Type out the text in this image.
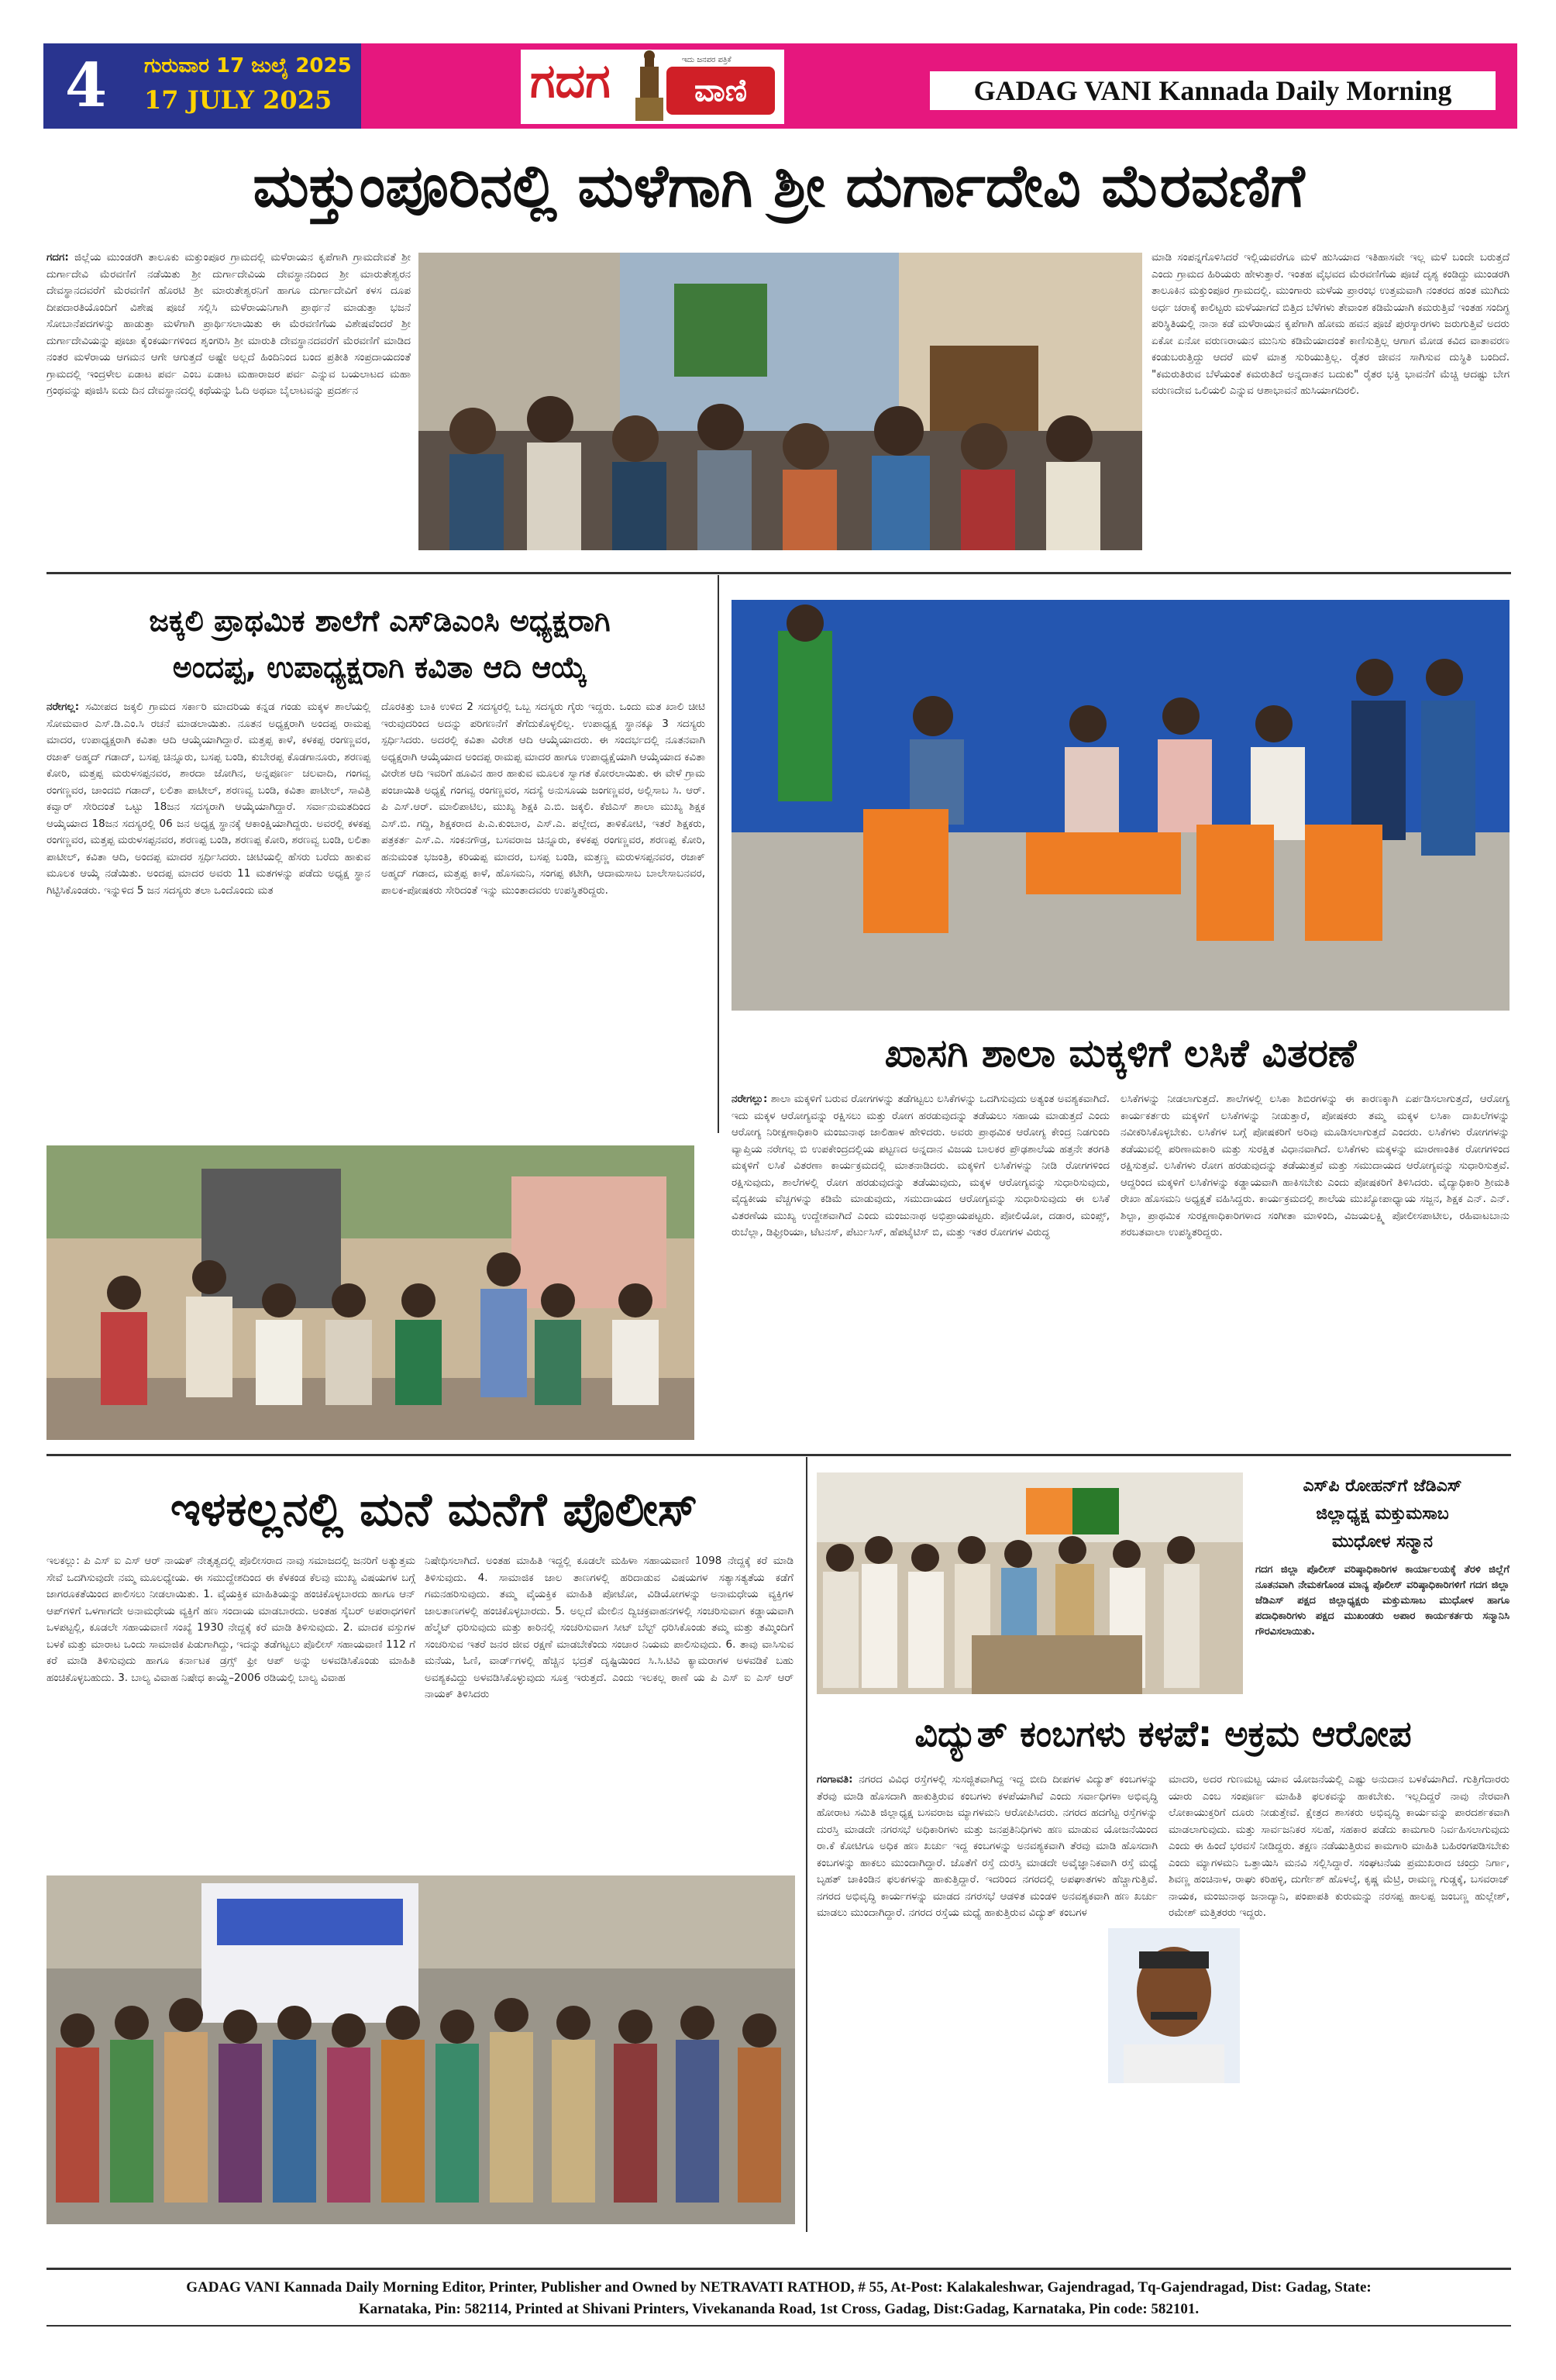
4	ಗುರುವಾರ 17 ಜುಲೈ 2025
17 JULY 2025	ಗದಗ	ವಾಣಿ
ಇದು ಜನಪರ ಪತ್ರಿಕೆ
GADAG VANI Kannada Daily Morning
ಮಕ್ತುಂಪೂರಿನಲ್ಲಿ ಮಳೆಗಾಗಿ ಶ್ರೀ ದುರ್ಗಾದೇವಿ ಮೆರವಣಿಗೆ
ಗದಗ: ಜಿಲ್ಲೆಯ ಮುಂಡರಗಿ ತಾಲೂಕು ಮಕ್ತುಂಪೂರ ಗ್ರಾಮದಲ್ಲಿ ಮಳೆರಾಯನ ಕೃಪೆಗಾಗಿ ಗ್ರಾಮದೇವತೆ ಶ್ರೀ ದುರ್ಗಾದೇವಿ ಮೆರವಣಿಗೆ ನಡೆಯಿತು ಶ್ರೀ ದುರ್ಗಾದೇವಿಯ ದೇವಸ್ಥಾನದಿಂದ ಶ್ರೀ ಮಾರುತೇಶ್ವರನ ದೇವಸ್ಥಾನದವರೆಗೆ ಮೆರವಣಿಗೆ ಹೊರಟಿ ಶ್ರೀ ಮಾರುತೇಶ್ವರನಿಗೆ ಹಾಗೂ ದುರ್ಗಾದೇವಿಗೆ ಕಳಸ ದೂಪ ದೀಪದಾರತಿಯೊಂದಿಗೆ ವಿಶೇಷ ಪೂಜೆ ಸಲ್ಲಿಸಿ ಮಳೆರಾಯನಿಗಾಗಿ ಪ್ರಾರ್ಥನೆ ಮಾಡುತ್ತಾ ಭಜನೆ ಸೋಬಾನೆಪದಗಳನ್ನು ಹಾಡುತ್ತಾ ಮಳೆಗಾಗಿ ಪ್ರಾರ್ಥಿಸಲಾಯಿತು ಈ ಮೆರವಣಿಗೆಯ ವಿಶೇಷವೆಂದರೆ ಶ್ರೀ ದುರ್ಗಾದೇವಿಯನ್ನು ಪೂಜಾ ಕೈಂಕರ್ಯಗಳಿಂದ ಶೃಂಗರಿಸಿ ಶ್ರೀ ಮಾರುತಿ ದೇವಸ್ಥಾನದವರೆಗೆ ಮೆರವಣಿಗೆ ಮಾಡಿದ ನಂತರ ಮಳೆರಾಯ ಆಗಮನ ಆಗೇ ಆಗುತ್ತದೆ ಅಷ್ಟೇ ಅಲ್ಲದೆ ಹಿಂದಿನಿಂದ ಬಂದ ಪ್ರತೀತಿ ಸಂಪ್ರದಾಯದಂತೆ ಗ್ರಾಮದಲ್ಲಿ ಇಂದ್ರಳೇಲ ಏಡಾಟ ಪರ್ವ ಎಂಬ ಏಡಾಟ ಮಹಾರಾಜರ ಪರ್ವ ಎನ್ನುವ ಬಯಲಾಟದ ಮಹಾ ಗ್ರಂಥವನ್ನು ಪೂಜಿಸಿ ಐದು ದಿನ ದೇವಸ್ಥಾನದಲ್ಲಿ ಕಥೆಯನ್ನು ಓದಿ ಅಥವಾ ಬೈಲಾಟವನ್ನು ಪ್ರದರ್ಶನ
ಮಾಡಿ ಸಂಪನ್ನಗೊಳಿಸಿದರೆ ಇಲ್ಲಿಯವರೆಗೂ ಮಳೆ ಹುಸಿಯಾದ ಇತಿಹಾಸವೇ ಇಲ್ಲ ಮಳೆ ಬಂದೇ ಬರುತ್ತದೆ ಎಂದು ಗ್ರಾಮದ ಹಿರಿಯರು ಹೇಳುತ್ತಾರೆ. ಇಂತಹ ವೈಭವದ ಮೆರವಣಿಗೆಯ ಪೂಜೆ ದೃಶ್ಯ ಕಂಡಿದ್ದು ಮುಂಡರಗಿ ತಾಲೂಕಿನ ಮಕ್ತುಂಪೂರ ಗ್ರಾಮದಲ್ಲಿ. ಮುಂಗಾರು ಮಳೆಯ ಪ್ರಾರಂಭ ಉತ್ತಮವಾಗಿ ನಂತರದ ಹಂತ ಮುಗಿದು ಅರ್ಧ ಚರಾಕ್ಕೆ ಕಾಲಿಟ್ಟರು ಮಳೆಯಾಗದೆ ಬಿತ್ತಿದ ಬೆಳೆಗಳು ತೇವಾಂಶ ಕಡಿಮೆಯಾಗಿ ಕಮರುತ್ತಿವೆ ಇಂತಹ ಸಂದಿಗ್ಧ ಪರಿಸ್ಥಿತಿಯಲ್ಲಿ ನಾನಾ ಕಡೆ ಮಳೆರಾಯನ ಕೃಪೆಗಾಗಿ ಹೋಮ ಹವನ ಪೂಜೆ ಪುರಸ್ಕಾರಗಳು ಜರುಗುತ್ತಿವೆ ಅದರು ಏಕೋ ಏನೋ ವರುಣರಾಯನ ಮುನಿಸು ಕಡಿಮೆಯಾದಂತೆ ಕಾಣಿಸುತ್ತಿಲ್ಲ ಆಗಾಗ ಮೋಡ ಕವಿದ ವಾತಾವರಣ ಕಂಡುಬರುತ್ತಿದ್ದು ಆದರೆ ಮಳೆ ಮಾತ್ರ ಸುರಿಯುತ್ತಿಲ್ಲ. ರೈತರ ಜೀವನ ಸಾಗಿಸುವ ದುಸ್ಥಿತಿ ಬಂದಿದೆ. "ಕಮರುತಿರುವ ಬೆಳೆಯಂತೆ ಕಮರುತಿದೆ ಅನ್ನದಾತನ ಬದುಕು" ರೈತರ ಭಕ್ತಿ ಭಾವನೆಗೆ ಮೆಚ್ಚಿ ಆದಷ್ಟು ಬೇಗ ವರುಣದೇವ ಒಲಿಯಲಿ ಎನ್ನುವ ಆಶಾಭಾವನೆ ಹುಸಿಯಾಗದಿರಲಿ.
ಜಕ್ಕಲಿ ಪ್ರಾಥಮಿಕ ಶಾಲೆಗೆ ಎಸ್‌ಡಿಎಂಸಿ ಅಧ್ಯಕ್ಷರಾಗಿ
ಅಂದಪ್ಪ, ಉಪಾಧ್ಯಕ್ಷರಾಗಿ ಕವಿತಾ ಆದಿ ಆಯ್ಕೆ
ನರೇಗಲ್ಲ: ಸಮೀಪದ ಜಕ್ಕಲಿ ಗ್ರಾಮದ ಸರ್ಕಾರಿ ಮಾದರಿಯ ಕನ್ನಡ ಗಂಡು ಮಕ್ಕಳ ಶಾಲೆಯಲ್ಲಿ ಸೋಮವಾರ ಎಸ್.ಡಿ.ಎಂ.ಸಿ ರಚನೆ ಮಾಡಲಾಯಿತು. ನೂತನ ಅಧ್ಯಕ್ಷರಾಗಿ ಅಂದಪ್ಪ ರಾಮಪ್ಪ ಮಾದರ, ಉಪಾಧ್ಯಕ್ಷರಾಗಿ ಕವಿತಾ ಆದಿ ಆಯ್ಕೆಯಾಗಿದ್ದಾರೆ. ಮತ್ತಪ್ಪ ಕಾಳೆ, ಕಳಕಪ್ಪ ರಂಗಣ್ಣವರ, ರಜಾಕ್ ಅಹ್ಮದ್ ಗಡಾದ್, ಬಸಪ್ಪ ಚಿನ್ನೂರು, ಬಸಪ್ಪ ಬಂಡಿ, ಕುಬೇರಪ್ಪ ಕೊಡಗಾನೂರು, ಶರಣಪ್ಪ ಕೋರಿ, ಮತ್ತಪ್ಪ ಮರುಳಸಪ್ಪನವರ, ಶಾರದಾ ಜೋಗಿನ, ಅನ್ನಪೂರ್ಣ ಚಲವಾದಿ, ಗಂಗವ್ವ ರಂಗಣ್ಣವರ, ಚಾಂದಬಿ ಗಡಾದ್, ಲಲಿತಾ ಪಾಟೀಲ್, ಶರಣವ್ವ ಬಂಡಿ, ಕವಿತಾ ಪಾಟೀಲ್, ಸಾವಿತ್ರಿ ಕವ್ವಾರ್ ಸೇರಿದಂತೆ ಒಟ್ಟು 18ಜನ ಸದಸ್ಯರಾಗಿ ಆಯ್ಕೆಯಾಗಿದ್ದಾರೆ. ಸರ್ವಾನುಮತದಿಂದ ಆಯ್ಕೆಯಾದ 18ಜನ ಸದಸ್ಯರಲ್ಲಿ 06 ಜನ ಅಧ್ಯಕ್ಷ ಸ್ಥಾನಕ್ಕೆ ಆಕಾಂಕ್ಷಿಯಾಗಿದ್ದರು. ಅವರಲ್ಲಿ ಕಳಕಪ್ಪ ರಂಗಣ್ಣವರ, ಮತ್ತಪ್ಪ ಮರುಳಸಪ್ಪನವರ, ಶರಣಪ್ಪ ಬಂಡಿ, ಶರಣಪ್ಪ ಕೋರಿ, ಶರಣವ್ವ ಬಂಡಿ, ಲಲಿತಾ ಪಾಟೀಲ್, ಕವಿತಾ ಆದಿ, ಅಂದಪ್ಪ ಮಾದರ ಸ್ಪರ್ಧಿಸಿದರು. ಚೀಟಿಯಲ್ಲಿ ಹೆಸರು ಬರೆದು ಹಾಕುವ ಮೂಲಕ ಆಯ್ಕೆ ನಡೆಯಿತು. ಅಂದಪ್ಪ ಮಾದರ ಅವರು 11 ಮತಗಳನ್ನು ಪಡೆದು ಅಧ್ಯಕ್ಷ ಸ್ಥಾನ ಗಿಟ್ಟಿಸಿಕೊಂಡರು. ಇನ್ನುಳಿದ 5 ಜನ ಸದಸ್ಯರು ತಲಾ ಒಂದೊಂದು ಮತ
ದೊರಕಿತ್ತು ಬಾಕಿ ಉಳಿದ 2 ಸದಸ್ಯರಲ್ಲಿ ಒಬ್ಬ ಸದಸ್ಯರು ಗೈರು ಇದ್ದರು. ಒಂದು ಮತ ಖಾಲಿ ಚೀಟಿ ಇರುವುದರಿಂದ ಅದನ್ನು ಪರಿಗಣನೆಗೆ ತೆಗೆದುಕೊಳ್ಳಲಿಲ್ಲ. ಉಪಾಧ್ಯಕ್ಷ ಸ್ಥಾನಕ್ಕೂ 3 ಸದಸ್ಯರು ಸ್ಪರ್ಧಿಸಿದರು. ಅದರಲ್ಲಿ ಕವಿತಾ ವಿರೇಶ ಆದಿ ಆಯ್ಕೆಯಾದರು. ಈ ಸಂದರ್ಭದಲ್ಲಿ ನೂತನವಾಗಿ ಅಧ್ಯಕ್ಷರಾಗಿ ಆಯ್ಕೆಯಾದ ಅಂದಪ್ಪ ರಾಮಪ್ಪ ಮಾದರ ಹಾಗೂ ಉಪಾಧ್ಯಕ್ಷೆಯಾಗಿ ಆಯ್ಕೆಯಾದ ಕವಿತಾ ವೀರೇಶ ಆದಿ ಇವರಿಗೆ ಹೂವಿನ ಹಾರ ಹಾಕುವ ಮೂಲಕ ಸ್ವಾಗತ ಕೋರಲಾಯಿತು. ಈ ವೇಳೆ ಗ್ರಾಮ ಪಂಚಾಯಿತಿ ಅಧ್ಯಕ್ಷೆ ಗಂಗವ್ವ ರಂಗಣ್ಣವರ, ಸದಸ್ಯೆ ಅನುಸೂಯ ಜಂಗಣ್ಣವರ, ಅಲ್ಲಿಸಾಬ ಸಿ. ಆರ್. ಪಿ ಎಸ್.ಆರ್. ಮಾಲಿಪಾಟಿಲ, ಮುಖ್ಯ ಶಿಕ್ಷಕಿ ಎ.ಬಿ. ಜಕ್ಕಲಿ. ಕೆಜಿಎಸ್ ಶಾಲಾ ಮುಖ್ಯ ಶಿಕ್ಷಕ ಎಸ್.ಬಿ. ಗದ್ದಿ, ಶಿಕ್ಷಕರಾದ ಪಿ.ಎ.ಕುಂಬಾರ, ಎಸ್.ಎ. ಪಲ್ಲೇದ, ತಾಳಿಕೋಟಿ, ಇತರೆ ಶಿಕ್ಷಕರು, ಪತ್ರಕರ್ತ ಎಸ್.ಎ. ಸಂಕನಗೌಡ್ರ, ಬಸವರಾಜ ಚಿನ್ನೂರು, ಕಳಕಪ್ಪ ರಂಗಣ್ಣವರ, ಶರಣಪ್ಪ ಕೋರಿ, ಹನುಮಂತ ಭಜಂತ್ರಿ, ಕರಿಯಪ್ಪ ಮಾದರ, ಬಸಪ್ಪ ಬಂಡಿ, ಮತ್ತಣ್ಣ ಮರುಳಸಪ್ಪನವರ, ರಜಾಕ್ ಅಹ್ಮದ್ ಗಡಾದ, ಮತ್ತಪ್ಪ ಕಾಳೆ, ಹೊಸಮನಿ, ಸಂಗಪ್ಪ ಕಟೀಗಿ, ಆದಾಮಸಾಬ ಬಾಲೇಸಾಬನವರ, ಪಾಲಕ-ಪೋಷಕರು ಸೇರಿದಂತೆ ಇನ್ನು ಮುಂತಾದವರು ಉಪಸ್ಥಿತರಿದ್ದರು.
ಖಾಸಗಿ ಶಾಲಾ ಮಕ್ಕಳಿಗೆ ಲಸಿಕೆ ವಿತರಣೆ
ನರೇಗಲ್ಲು: ಶಾಲಾ ಮಕ್ಕಳಿಗೆ ಬರುವ ರೋಗಗಳನ್ನು ತಡೆಗಟ್ಟಲು ಲಸಿಕೆಗಳನ್ನು ಒದಗಿಸುವುದು ಅತ್ಯಂತ ಅವಶ್ಯಕವಾಗಿದೆ. ಇದು ಮಕ್ಕಳ ಆರೋಗ್ಯವನ್ನು ರಕ್ಷಿಸಲು ಮತ್ತು ರೋಗ ಹರಡುವುದನ್ನು ತಡೆಯಲು ಸಹಾಯ ಮಾಡುತ್ತದೆ ಎಂದು ಆರೋಗ್ಯ ನಿರೀಕ್ಷಣಾಧಿಕಾರಿ ಮಂಜುನಾಥ ಜಾಲಿಹಾಳ ಹೇಳಿದರು. ಅವರು ಪ್ರಾಥಮಿಕ ಆರೋಗ್ಯ ಕೇಂದ್ರ ನಿಡಗುಂದಿ ವ್ಯಾಪ್ತಿಯ ನರೇಗಲ್ಲ ಬಿ ಉಪಕೇಂದ್ರದಲ್ಲಿಯ ಪಟ್ಟಣದ ಅನ್ನದಾನ ವಿಜಯ ಬಾಲಕರ ಪ್ರೌಢಶಾಲೆಯ ಹತ್ತನೇ ತರಗತಿ ಮಕ್ಕಳಿಗೆ ಲಸಿಕೆ ವಿತರಣಾ ಕಾರ್ಯಕ್ರಮದಲ್ಲಿ ಮಾತನಾಡಿದರು. ಮಕ್ಕಳಿಗೆ ಲಸಿಕೆಗಳನ್ನು ನೀಡಿ ರೋಗಗಳಿಂದ ರಕ್ಷಿಸುವುದು, ಶಾಲೆಗಳಲ್ಲಿ ರೋಗ ಹರಡುವುದನ್ನು ತಡೆಯುವುದು, ಮಕ್ಕಳ ಆರೋಗ್ಯವನ್ನು ಸುಧಾರಿಸುವುದು, ವೈದ್ಯಕೀಯ ವೆಚ್ಚಗಳನ್ನು ಕಡಿಮೆ ಮಾಡುವುದು, ಸಮುದಾಯದ ಆರೋಗ್ಯವನ್ನು ಸುಧಾರಿಸುವುದು ಈ ಲಸಿಕೆ ವಿತರಣೆಯ ಮುಖ್ಯ ಉದ್ದೇಶವಾಗಿದೆ ಎಂದು ಮಂಜುನಾಥ ಅಭಿಪ್ರಾಯಪಟ್ಟರು. ಪೋಲಿಯೋ, ದಡಾರ, ಮಂಪ್ಸ್, ರುಬೆಲ್ಲಾ, ಡಿಫ್ತೀರಿಯಾ, ಟೆಟನಸ್, ಪೆರ್ಟುಸಿಸ್, ಹೆಪಟೈಟಿಸ್ ಬಿ, ಮತ್ತು ಇತರ ರೋಗಗಳ ವಿರುದ್ಧ
ಲಸಿಕೆಗಳನ್ನು ನೀಡಲಾಗುತ್ತದೆ. ಶಾಲೆಗಳಲ್ಲಿ ಲಸಿಕಾ ಶಿಬಿರಗಳನ್ನು ಈ ಕಾರಣಕ್ಕಾಗಿ ಏರ್ಪಡಿಸಲಾಗುತ್ತದೆ, ಆರೋಗ್ಯ ಕಾರ್ಯಕರ್ತರು ಮಕ್ಕಳಿಗೆ ಲಸಿಕೆಗಳನ್ನು ನೀಡುತ್ತಾರೆ, ಪೋಷಕರು ತಮ್ಮ ಮಕ್ಕಳ ಲಸಿಕಾ ದಾಖಲೆಗಳನ್ನು ನವೀಕರಿಸಿಕೊಳ್ಳಬೇಕು. ಲಸಿಕೆಗಳ ಬಗ್ಗೆ ಪೋಷಕರಿಗೆ ಅರಿವು ಮೂಡಿಸಲಾಗುತ್ತದೆ ಎಂದರು. ಲಸಿಕೆಗಳು ರೋಗಗಳನ್ನು ತಡೆಯುವಲ್ಲಿ ಪರಿಣಾಮಕಾರಿ ಮತ್ತು ಸುರಕ್ಷಿತ ವಿಧಾನವಾಗಿದೆ. ಲಸಿಕೆಗಳು ಮಕ್ಕಳನ್ನು ಮಾರಣಾಂತಿಕ ರೋಗಗಳಿಂದ ರಕ್ಷಿಸುತ್ತವೆ. ಲಸಿಕೆಗಳು ರೋಗ ಹರಡುವುದನ್ನು ತಡೆಯುತ್ತವೆ ಮತ್ತು ಸಮುದಾಯದ ಆರೋಗ್ಯವನ್ನು ಸುಧಾರಿಸುತ್ತವೆ. ಆದ್ದರಿಂದ ಮಕ್ಕಳಿಗೆ ಲಸಿಕೆಗಳನ್ನು ಕಡ್ಡಾಯವಾಗಿ ಹಾಕಿಸಬೇಕು ಎಂದು ಪೋಷಕರಿಗೆ ತಿಳಿಸಿದರು. ವೈದ್ಯಾಧಿಕಾರಿ ಶ್ರೀಮತಿ ರೇಖಾ ಹೊಸಮನಿ ಅಧ್ಯಕ್ಷತೆ ವಹಿಸಿದ್ದರು. ಕಾರ್ಯಕ್ರಮದಲ್ಲಿ ಶಾಲೆಯ ಮುಖ್ಯೋಪಾಧ್ಯಾಯ ಸಜ್ಜನ, ಶಿಕ್ಷಕ ಎನ್. ಎನ್. ಶಿಲ್ಪಾ, ಪ್ರಾಥಮಿಕ ಸುರಕ್ಷಣಾಧಿಕಾರಿಗಳಾದ ಸಂಗೀತಾ ಮಾಳಿಂದಿ, ವಿಜಯಲಕ್ಷ್ಮಿ ಪೋಲೀಸಪಾಟೀಲ, ರಹಿವಾಟಬಾನು ಶರಬತವಾಲಾ ಉಪಸ್ಥಿತರಿದ್ದರು.
ಇಳಕಲ್ಲನಲ್ಲಿ ಮನೆ ಮನೆಗೆ ಪೊಲೀಸ್
ಇಲಕಲ್ಲು: ಪಿ ಎಸ್ ಐ ಎಸ್ ಆರ್ ನಾಯಕ್ ನೇತೃತ್ವದಲ್ಲಿ ಪೊಲೀಸರಾದ ನಾವು ಸಮಾಜದಲ್ಲಿ ಜನರಿಗೆ ಅತ್ಯುತ್ತಮ ಸೇವೆ ಒದಗಿಸುವುದೇ ನಮ್ಮ ಮೂಲಧ್ಯೇಯ. ಈ ಸಮುದ್ದೇಶದಿಂದ ಈ ಕೆಳಕಂಡ ಕೆಲವು ಮುಖ್ಯ ವಿಷಯಗಳ ಬಗ್ಗೆ ಜಾಗರೂಕತೆಯಿಂದ ಪಾಲಿಸಲು ನೀಡಲಾಯಿತು. 1. ವೈಯಕ್ತಿಕ ಮಾಹಿತಿಯನ್ನು ಹಂಚಿಕೊಳ್ಳಬಾರದು ಹಾಗೂ ಆನ್ ಆಪ್‌ಗಳಿಗೆ ಒಳಗಾಗದೇ ಅನಾಮಧೇಯ ವ್ಯಕ್ತಿಗೆ ಹಣ ಸಂದಾಯ ಮಾಡಬಾರದು. ಅಂತಹ ಸೈಬರ್ ಅಪರಾಧಗಳಿಗೆ ಒಳಪಟ್ಟಲ್ಲಿ, ಕೂಡಲೇ ಸಹಾಯವಾಣಿ ಸಂಖ್ಯೆ 1930 ನೇದ್ದಕ್ಕೆ ಕರೆ ಮಾಡಿ ತಿಳಿಸುವುದು. 2. ಮಾದಕ ವಸ್ತುಗಳ ಬಳಕೆ ಮತ್ತು ಮಾರಾಟ ಒಂದು ಸಾಮಾಜಿಕ ಪಿಡುಗಾಗಿದ್ದು, ಇದನ್ನು ತಡೆಗಟ್ಟಲು ಪೊಲೀಸ್ ಸಹಾಯವಾಣಿ 112 ಗೆ ಕರೆ ಮಾಡಿ ತಿಳಿಸುವುದು ಹಾಗೂ ಕರ್ನಾಟಕ ಡ್ರಗ್ಸ್ ಫ್ರೀ ಆಪ್ ಅನ್ನು ಅಳವಡಿಸಿಕೊಂಡು ಮಾಹಿತಿ ಹಂಚಿಕೊಳ್ಳಬಹುದು. 3. ಬಾಲ್ಯ ವಿವಾಹ ನಿಷೇಧ ಕಾಯ್ದೆ–2006 ರಡಿಯಲ್ಲಿ ಬಾಲ್ಯ ವಿವಾಹ
ನಿಷೇಧಿಸಲಾಗಿದೆ. ಅಂತಹ ಮಾಹಿತಿ ಇದ್ದಲ್ಲಿ ಕೂಡಲೇ ಮಹಿಳಾ ಸಹಾಯವಾಣಿ 1098 ನೇದ್ದಕ್ಕೆ ಕರೆ ಮಾಡಿ ತಿಳಿಸುವುದು. 4. ಸಾಮಾಜಿಕ ಜಾಲ ತಾಣಗಳಲ್ಲಿ ಹರಿದಾಡುವ ವಿಷಯಗಳ ಸತ್ಯಾಸತ್ಯತೆಯ ಕಡೆಗೆ ಗಮನಹರಿಸುವುದು. ತಮ್ಮ ವೈಯಕ್ತಿಕ ಮಾಹಿತಿ ಪೋಟೋ, ವಿಡಿಯೋಗಳನ್ನು ಅನಾಮಧೇಯ ವ್ಯಕ್ತಿಗಳ ಜಾಲತಾಣಗಳಲ್ಲಿ ಹಂಚಿಕೊಳ್ಳಬಾರದು. 5. ಅಲ್ಲದೆ ಮೇಲಿನ ದ್ವಿಚಕ್ರವಾಹನಗಳಲ್ಲಿ ಸಂಚರಿಸುವಾಗ ಕಡ್ಡಾಯವಾಗಿ ಹೆಲ್ಮೆಟ್ ಧರಿಸುವುದು ಮತ್ತು ಕಾರಿನಲ್ಲಿ ಸಂಚರಿಸುವಾಗ ಸೀಟ್ ಬೆಲ್ಟ್ ಧರಿಸಿಕೊಂಡು ತಮ್ಮ ಮತ್ತು ತಮ್ಮಿಂದಿಗೆ ಸಂಚರಿಸುವ ಇತರೆ ಜನರ ಜೀವ ರಕ್ಷಣೆ ಮಾಡಬೇಕೆಂದು ಸಂಚಾರ ನಿಯಮ ಪಾಲಿಸುವುದು. 6. ತಾವು ವಾಸಿಸುವ ಮನೆಯ, ಓಣಿ, ವಾರ್ಡ್‌ಗಳಲ್ಲಿ ಹೆಚ್ಚಿನ ಭದ್ರತೆ ದೃಷ್ಟಿಯಿಂದ ಸಿ.ಸಿ.ಟಿವಿ ಕ್ಯಾಮರಾಗಳ ಅಳವಡಿಕೆ ಬಹು ಅವಶ್ಯಕವಿದ್ದು ಅಳವಡಿಸಿಕೊಳ್ಳುವುದು ಸೂಕ್ತ ಇರುತ್ತದೆ. ಎಂದು ಇಲಕಲ್ಲ ಠಾಣೆ ಯ ಪಿ ಎಸ್ ಐ ಎಸ್ ಆರ್ ನಾಯಕ್ ತಿಳಿಸಿದರು
ಎಸ್‌ಪಿ ರೋಹನ್‌ಗೆ ಜೆಡಿಎಸ್
ಜಿಲ್ಲಾಧ್ಯಕ್ಷ ಮಕ್ತುಮಸಾಬ
ಮುಧೋಳ ಸನ್ಮಾನ
ಗದಗ ಜಿಲ್ಲಾ ಪೊಲೀಸ್ ವರಿಷ್ಠಾಧಿಕಾರಿಗಳ ಕಾರ್ಯಾಲಯಕ್ಕೆ ತೆರಳಿ ಜಿಲ್ಲೆಗೆ ನೂತನವಾಗಿ ನೇಮಕಗೊಂಡ ಮಾನ್ಯ ಪೊಲೀಸ್ ವರಿಷ್ಠಾಧಿಕಾರಿಗಳಿಗೆ ಗದಗ ಜಿಲ್ಲಾ ಜೆಡಿಎಸ್ ಪಕ್ಷದ ಜಿಲ್ಲಾಧ್ಯಕ್ಷರು ಮಕ್ತುಮಸಾಬ ಮುಧೋಳ ಹಾಗೂ ಪದಾಧಿಕಾರಿಗಳು ಪಕ್ಷದ ಮುಖಂಡರು ಅಪಾರ ಕಾರ್ಯಕರ್ತರು ಸನ್ಮಾನಿಸಿ ಗೌರವಿಸಲಾಯಿತು.
ವಿದ್ಯುತ್ ಕಂಬಗಳು ಕಳಪೆ: ಅಕ್ರಮ ಆರೋಪ
ಗಂಗಾವತಿ: ನಗರದ ವಿವಿಧ ರಸ್ತೆಗಳಲ್ಲಿ ಸುಸಜ್ಜಿತವಾಗಿದ್ದ ಇದ್ದ ಬೀದಿ ದೀಪಗಳ ವಿದ್ಯುತ್ ಕಂಬಗಳನ್ನು ತೆರವು ಮಾಡಿ ಹೊಸದಾಗಿ ಹಾಕುತ್ತಿರುವ ಕಂಬಗಳು ಕಳಪೆಯಾಗಿವೆ ಎಂದು ಸರ್ವಾಧಿಗಳಾ ಅಭಿವೃದ್ಧಿ ಹೋರಾಟ ಸಮಿತಿ ಜಿಲ್ಲಾಧ್ಯಕ್ಷ ಬಸವರಾಜ ಮ್ಯಾಗಳಮನಿ ಆರೋಪಿಸಿದರು. ನಗರದ ಹದಗೆಟ್ಟ ರಸ್ತೆಗಳನ್ನು ದುರಸ್ತಿ ಮಾಡದೇ ನಗರಸಭೆ ಅಧಿಕಾರಿಗಳು ಮತ್ತು ಜನಪ್ರತಿನಿಧಿಗಳು ಹಣ ಮಾಡುವ ಯೋಜನೆಯಿಂದ ರಾ.ಕೆ ಕೋಟಿಗೂ ಅಧಿಕ ಹಣ ಖರ್ಚು ಇದ್ದ ಕಂಬಗಳನ್ನು ಅನವಶ್ಯಕವಾಗಿ ತೆರವು ಮಾಡಿ ಹೊಸದಾಗಿ ಕಂಬಗಳನ್ನು ಹಾಕಲು ಮುಂದಾಗಿದ್ದಾರೆ. ಜೊತೆಗೆ ರಸ್ತೆ ದುರಸ್ತಿ ಮಾಡದೇ ಅವೈಜ್ಞಾನಿಕವಾಗಿ ರಸ್ತೆ ಮಧ್ಯೆ ಬೃಹತ್ ಚಾಕಿಂಡಿನ ಫಲಕಗಳನ್ನು ಹಾಕುತ್ತಿದ್ದಾರೆ. ಇದರಿಂದ ನಗರದಲ್ಲಿ ಅಪಘಾತಗಳು ಹೆಚ್ಚಾಗುತ್ತಿವೆ. ನಗರದ ಅಭಿವೃದ್ಧಿ ಕಾರ್ಯಗಳನ್ನು ಮಾಡದ ನಗರಸಭೆ ಆಡಳಿತ ಮಂಡಳಿ ಅನವಶ್ಯಕವಾಗಿ ಹಣ ಖರ್ಚು ಮಾಡಲು ಮುಂದಾಗಿದ್ದಾರೆ. ನಗರದ ರಸ್ತೆಯ ಮಧ್ಯೆ ಹಾಕುತ್ತಿರುವ ವಿದ್ಯುತ್ ಕಂಬಗಳ
ಮಾದರಿ, ಅದರ ಗುಣಮಟ್ಟ ಯಾವ ಯೋಜನೆಯಲ್ಲಿ ಎಷ್ಟು ಅನುದಾನ ಬಳಕೆಯಾಗಿದೆ. ಗುತ್ತಿಗೆದಾರರು ಯಾರು ಎಂಬ ಸಂಪೂರ್ಣ ಮಾಹಿತಿ ಫಲಕವನ್ನು ಹಾಕಬೇಕು. ಇಲ್ಲದಿದ್ದರೆ ನಾವು ನೇರವಾಗಿ ಲೋಕಾಯುಕ್ತರಿಗೆ ದೂರು ನೀಡುತ್ತೇವೆ. ಕ್ಷೇತ್ರದ ಶಾಸಕರು ಅಭಿವೃದ್ಧಿ ಕಾರ್ಯವನ್ನು ಪಾರದರ್ಶಕವಾಗಿ ಮಾಡಲಾಗುವುದು. ಮತ್ತು ಸಾರ್ವಜನಿಕರ ಸಲಹೆ, ಸಹಕಾರ ಪಡೆದು ಕಾಮಗಾರಿ ನಿರ್ವಹಿಸಲಾಗುವುದು ಎಂದು ಈ ಹಿಂದೆ ಭರವಸೆ ನೀಡಿದ್ದರು. ತಕ್ಷಣ ನಡೆಯುತ್ತಿರುವ ಕಾಮಗಾರಿ ಮಾಹಿತಿ ಬಹಿರಂಗಪಡಿಸಬೇಕು ಎಂದು ಮ್ಯಾಗಳಮನಿ ಒತ್ತಾಯಿಸಿ ಮನವಿ ಸಲ್ಲಿಸಿದ್ದಾರೆ. ಸಂಘಟನೆಯ ಪ್ರಮುಖರಾದ ಚಂದ್ರು ನಿರ್ಗಾ, ಶಿವಣ್ಣ ಹಂಚಿನಾಳ, ರಾಘು ಕರಿಹಳ್ಳಿ, ದುರ್ಗೇಶ್ ಹೊಳಲ್ಕೆ, ಕೃಷ್ಣ ಮೆಟ್ರಿ, ರಾಮಣ್ಣ ಗುಡ್ಡಕ್ಕೆ, ಬಸವರಾಜ್ ನಾಯಕ, ಮಂಜುನಾಥ ಜನಾದ್ಯಾನಿ, ಪಂಪಾಪತಿ ಕುರುಮನ್ನು ನರಸಪ್ಪ ಹಾಲಪ್ಪ ಜಂಬಣ್ಣ ಹುಲ್ಲೇಶ್, ರಮೇಶ್ ಮತ್ತಿತರರು ಇದ್ದರು.
GADAG VANI Kannada Daily Morning Editor, Printer, Publisher and Owned by NETRAVATI RATHOD, # 55, At-Post: Kalakaleshwar, Gajendragad, Tq-Gajendragad, Dist: Gadag, State:
Karnataka, Pin: 582114, Printed at Shivani Printers, Vivekananda Road, 1st Cross, Gadag, Dist:Gadag, Karnataka, Pin code: 582101.
